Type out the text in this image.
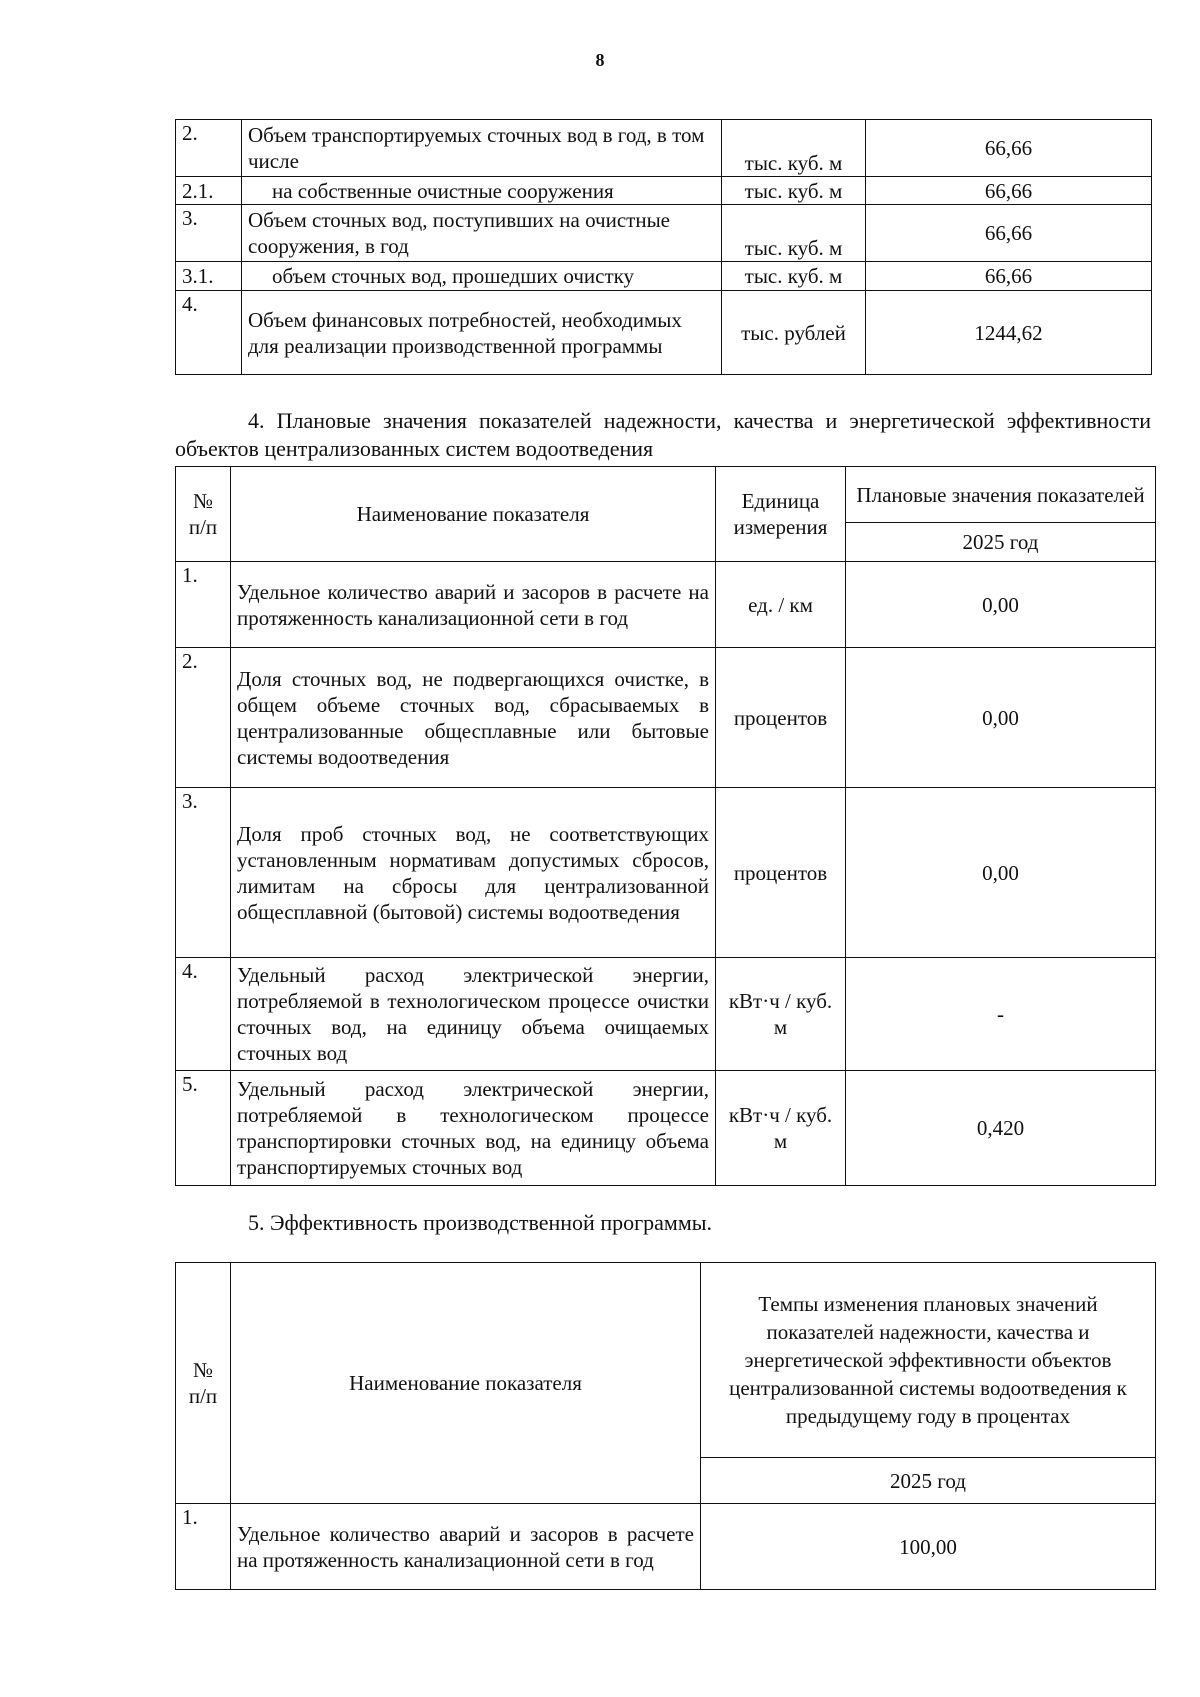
8
2.	Объем транспортируемых сточных вод в год, в том числе	тыс. куб. м	66,66
2.1.	на собственные очистные сооружения	тыс. куб. м	66,66
3.	Объем сточных вод, поступивших на очистные сооружения, в год	тыс. куб. м	66,66
3.1.	объем сточных вод, прошедших очистку	тыс. куб. м	66,66
4.	Объем финансовых потребностей, необходимых для реализации производственной программы	тыс. рублей	1244,62
4. Плановые значения показателей надежности, качества и энергетической эффективности объектов централизованных систем водоотведения
№ п/п	Наименование показателя	Единица измерения	Плановые значения показателей
			2025 год
1.	Удельное количество аварий и засоров в расчете на протяженность канализационной сети в год	ед. / км	0,00
2.	Доля сточных вод, не подвергающихся очистке, в общем объеме сточных вод, сбрасываемых в централизованные общесплавные или бытовые системы водоотведения	процентов	0,00
3.	Доля проб сточных вод, не соответствующих установленным нормативам допустимых сбросов, лимитам на сбросы для централизованной общесплавной (бытовой) системы водоотведения	процентов	0,00
4.	Удельный расход электрической энергии, потребляемой в технологическом процессе очистки сточных вод, на единицу объема очищаемых сточных вод	кВт·ч / куб. м	-
5.	Удельный расход электрической энергии, потребляемой в технологическом процессе транспортировки сточных вод, на единицу объема транспортируемых сточных вод	кВт·ч / куб. м	0,420
5. Эффективность производственной программы.
№ п/п	Наименование показателя	Темпы изменения плановых значений показателей надежности, качества и энергетической эффективности объектов централизованной системы водоотведения к предыдущему году в процентах
		2025 год
1.	Удельное количество аварий и засоров в расчете на протяженность канализационной сети в год	100,00
